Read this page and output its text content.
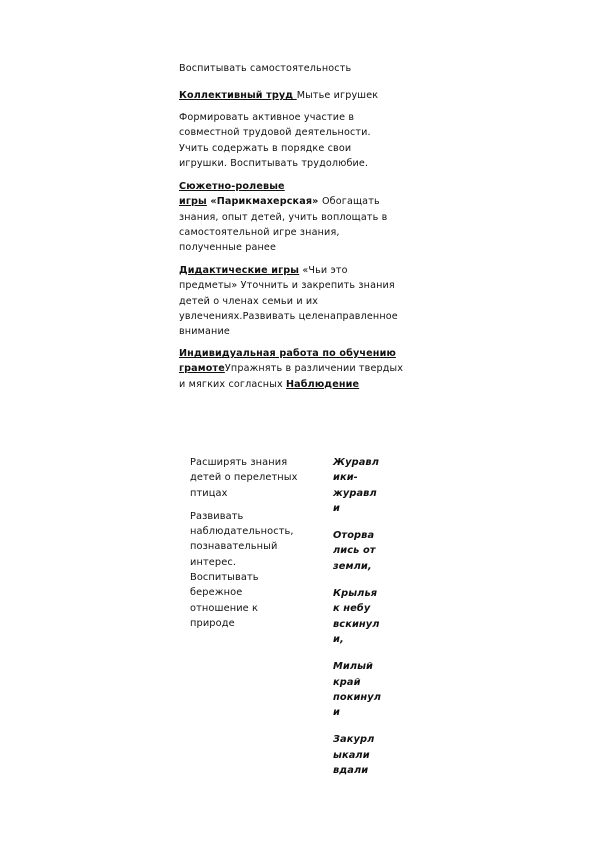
Воспитывать самостоятельность
Коллективный труд Мытье игрушек
Формировать активное участие в
совместной трудовой деятельности.
Учить содержать в порядке свои
игрушки. Воспитывать трудолюбие.
Сюжетно-ролевые
игры «Парикмахерская» Обогащать
знания, опыт детей, учить воплощать в
самостоятельной игре знания,
полученные ранее
Дидактические игры «Чьи это
предметы» Уточнить и закрепить знания
детей о членах семьи и их
увлечениях.Развивать целенаправленное
внимание
Индивидуальная работа по обучению
грамотеУпражнять в различении твердых
и мягких согласных Наблюдение
Расширять знания
детей о перелетных
птицах
Развивать
наблюдательность,
познавательный
интерес.
Воспитывать
бережное
отношение к
природе
Журавл
ики-
журавл
и
Оторва
лись от
земли,
Крылья
к небу
вскинул
и,
Милый
край
покинул
и
Закурл
ыкали
вдали
